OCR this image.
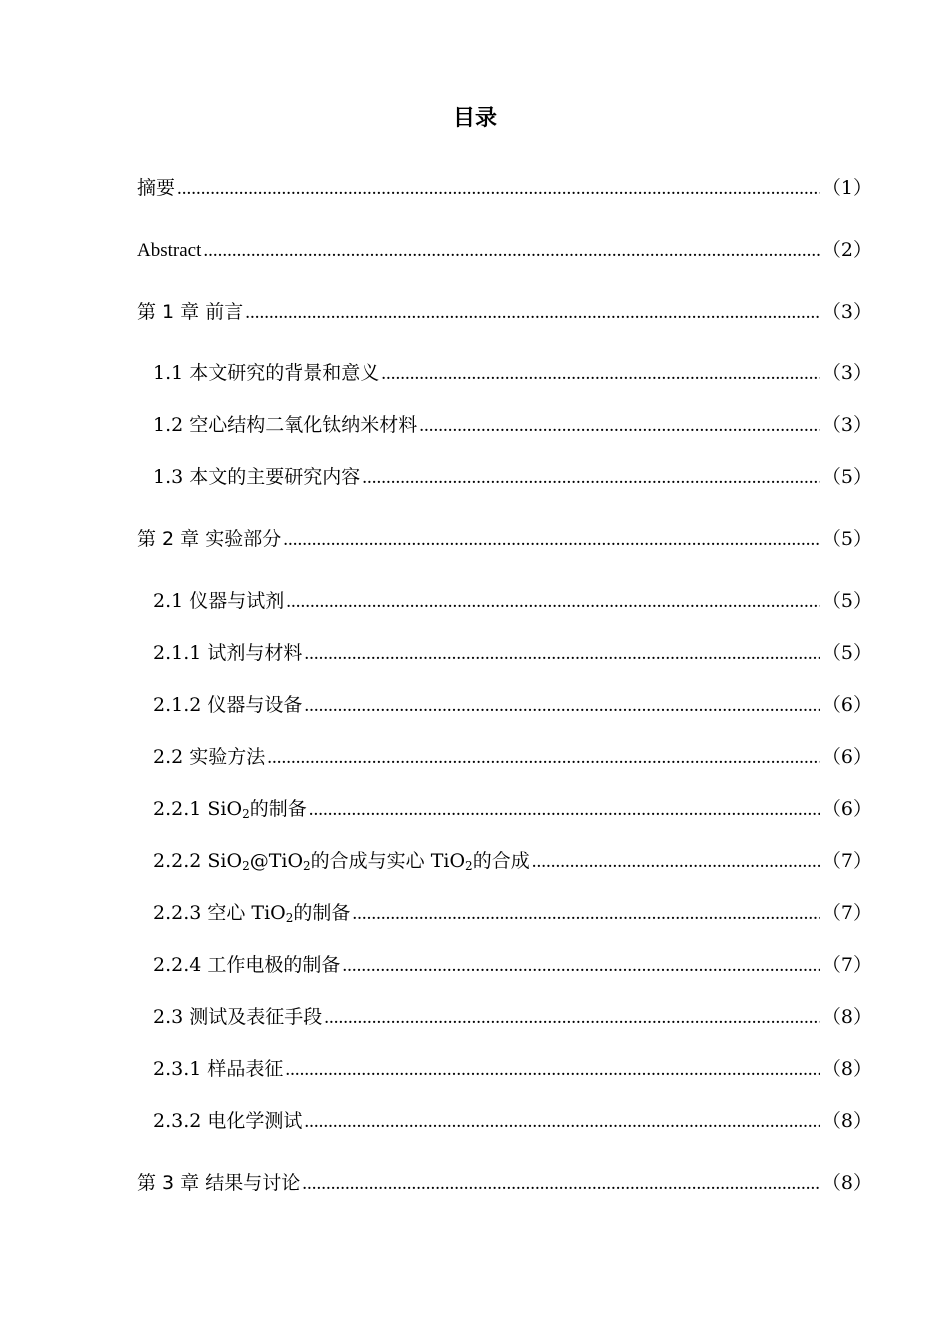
目录
摘要 .....	（1）
Abstract .....	（2）
第 1 章 前言 .....	（3）
1.1 本文研究的背景和意义 .....	（3）
1.2 空心结构二氧化钛纳米材料 .....	（3）
1.3 本文的主要研究内容 .....	（5）
第 2 章 实验部分 .....	（5）
2.1 仪器与试剂 .....	（5）
2.1.1 试剂与材料 .....	（5）
2.1.2 仪器与设备 .....	（6）
2.2 实验方法 .....	（6）
2.2.1 SiO$_2$的制备 .....	（6）
2.2.2 SiO$_2$@TiO$_2$的合成与实心 TiO$_2$的合成 .....	（7）
2.2.3 空心 TiO$_2$的制备 .....	（7）
2.2.4 工作电极的制备 .....	（7）
2.3 测试及表征手段 .....	（8）
2.3.1 样品表征 .....	（8）
2.3.2 电化学测试 .....	（8）
第 3 章 结果与讨论 .....	（8）
